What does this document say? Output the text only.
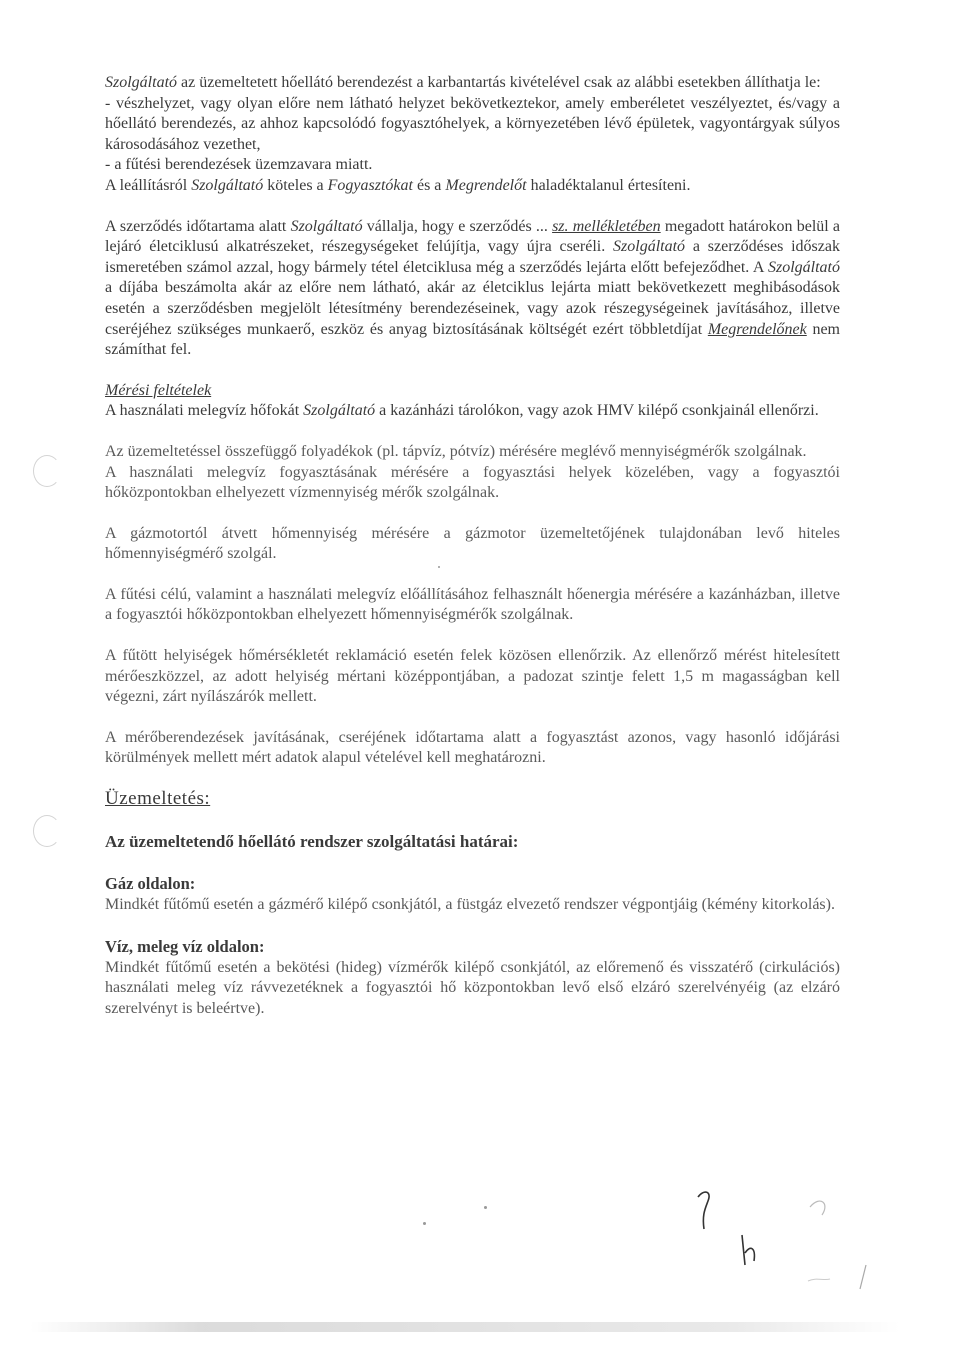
Szolgáltató az üzemeltetett hőellátó berendezést a karbantartás kivételével csak az alábbi esetekben állíthatja le:

- vészhelyzet, vagy olyan előre nem látható helyzet bekövetkeztekor, amely emberéletet veszélyeztet, és/vagy a hőellátó berendezés, az ahhoz kapcsolódó fogyasztóhelyek, a környezetében lévő épületek, vagyontárgyak súlyos károsodásához vezethet,

- a fűtési berendezések üzemzavara miatt.

A leállításról Szolgáltató köteles a Fogyasztókat és a Megrendelőt haladéktalanul értesíteni.

A szerződés időtartama alatt Szolgáltató vállalja, hogy e szerződés ... sz. mellékletében megadott határokon belül a lejáró életciklusú alkatrészeket, részegységeket felújítja, vagy újra cseréli. Szolgáltató a szerződéses időszak ismeretében számol azzal, hogy bármely tétel életciklusa még a szerződés lejárta előtt befejeződhet. A Szolgáltató a díjába beszámolta akár az előre nem látható, akár az életciklus lejárta miatt bekövetkezett meghibásodások esetén a szerződésben megjelölt létesítmény berendezéseinek, vagy azok részegységeinek javításához, illetve cseréjéhez szükséges munkaerő, eszköz és anyag biztosításának költségét ezért többletdíjat Megrendelőnek nem számíthat fel.

Mérési feltételek

A használati melegvíz hőfokát Szolgáltató a kazánházi tárolókon, vagy azok HMV kilépő csonkjainál ellenőrzi.

Az üzemeltetéssel összefüggő folyadékok (pl. tápvíz, pótvíz) mérésére meglévő mennyiségmérők szolgálnak.

A használati melegvíz fogyasztásának mérésére a fogyasztási helyek közelében, vagy a fogyasztói hőközpontokban elhelyezett vízmennyiség mérők szolgálnak.

A gázmotortól átvett hőmennyiség mérésére a gázmotor üzemeltetőjének tulajdonában levő hiteles hőmennyiségmérő szolgál.

A fűtési célú, valamint a használati melegvíz előállításához felhasznált hőenergia mérésére a kazánházban, illetve a fogyasztói hőközpontokban elhelyezett hőmennyiségmérők szolgálnak.

A fűtött helyiségek hőmérsékletét reklamáció esetén felek közösen ellenőrzik. Az ellenőrző mérést hitelesített mérőeszközzel, az adott helyiség mértani középpontjában, a padozat szintje felett 1,5 m magasságban kell végezni, zárt nyílászárók mellett.

A mérőberendezések javításának, cseréjének időtartama alatt a fogyasztást azonos, vagy hasonló időjárási körülmények mellett mért adatok alapul vételével kell meghatározni.

Üzemeltetés:

Az üzemeltetendő hőellátó rendszer szolgáltatási határai:

Gáz oldalon:

Mindkét fűtőmű esetén a gázmérő kilépő csonkjától, a füstgáz elvezető rendszer végpontjáig (kémény kitorkolás).

Víz, meleg víz oldalon:

Mindkét fűtőmű esetén a bekötési (hideg) vízmérők kilépő csonkjától, az előremenő és visszatérő (cirkulációs) használati meleg víz rávvezetéknek a fogyasztói hő központokban levő első elzáró szerelvényéig (az elzáró szerelvényt is beleértve).
